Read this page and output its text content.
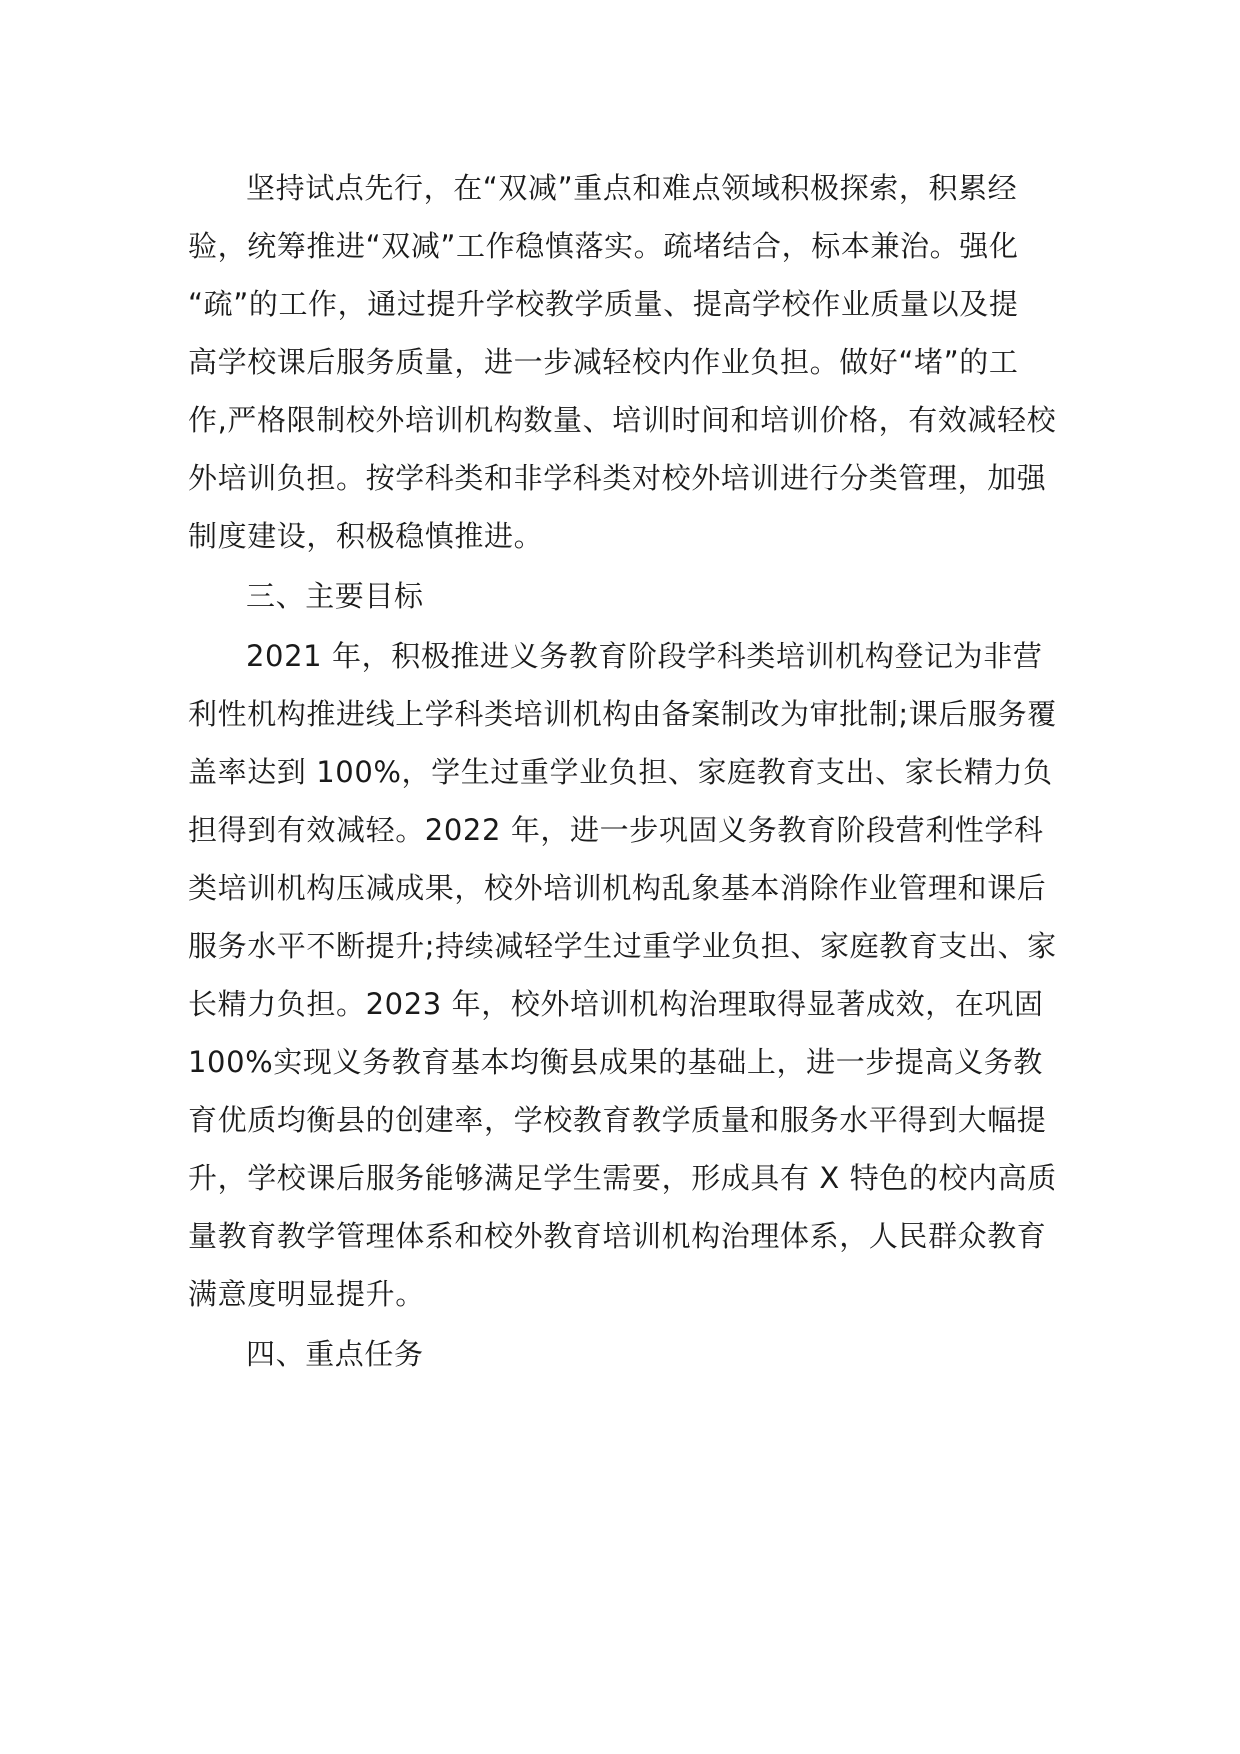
坚持试点先行，在“双减”重点和难点领域积极探索，积累经
验，统筹推进“双减”工作稳慎落实。疏堵结合，标本兼治。强化
“疏”的工作，通过提升学校教学质量、提高学校作业质量以及提
高学校课后服务质量，进一步减轻校内作业负担。做好“堵”的工
作,严格限制校外培训机构数量、培训时间和培训价格，有效减轻校
外培训负担。按学科类和非学科类对校外培训进行分类管理，加强
制度建设，积极稳慎推进。
三、主要目标
2021 年，积极推进义务教育阶段学科类培训机构登记为非营
利性机构推进线上学科类培训机构由备案制改为审批制;课后服务覆
盖率达到 100%，学生过重学业负担、家庭教育支出、家长精力负
担得到有效减轻。2022 年，进一步巩固义务教育阶段营利性学科
类培训机构压减成果，校外培训机构乱象基本消除作业管理和课后
服务水平不断提升;持续减轻学生过重学业负担、家庭教育支出、家
长精力负担。2023 年，校外培训机构治理取得显著成效，在巩固
100%实现义务教育基本均衡县成果的基础上，进一步提高义务教
育优质均衡县的创建率，学校教育教学质量和服务水平得到大幅提
升，学校课后服务能够满足学生需要，形成具有 X 特色的校内高质
量教育教学管理体系和校外教育培训机构治理体系，人民群众教育
满意度明显提升。
四、重点任务
